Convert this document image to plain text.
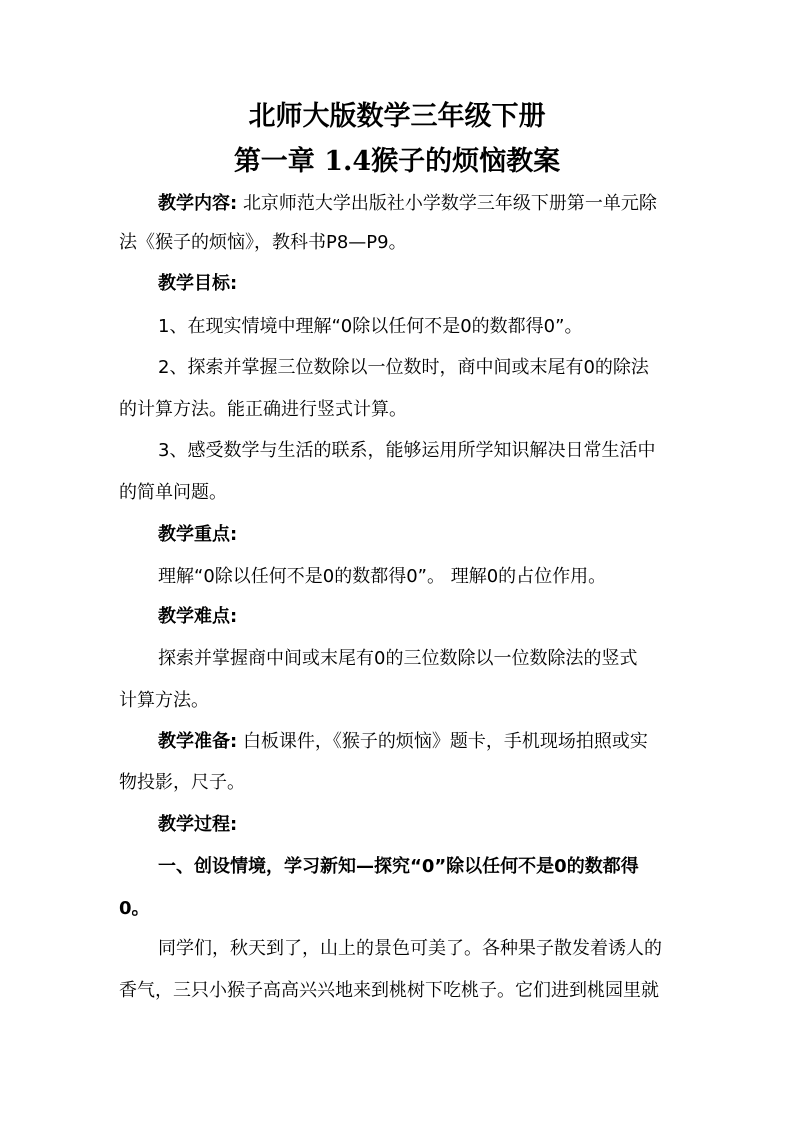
北师大版数学三年级下册
第一章 1.4猴子的烦恼教案
教学内容: 北京师范大学出版社小学数学三年级下册第一单元除
法《猴子的烦恼》，教科书P8—P9。
教学目标:
1、在现实情境中理解“0除以任何不是0的数都得0”。
2、探索并掌握三位数除以一位数时，商中间或末尾有0的除法
的计算方法。能正确进行竖式计算。
3、感受数学与生活的联系，能够运用所学知识解决日常生活中
的简单问题。
教学重点:
理解“0除以任何不是0的数都得0”。 理解0的占位作用。
教学难点:
探索并掌握商中间或末尾有0的三位数除以一位数除法的竖式
计算方法。
教学准备: 白板课件，《猴子的烦恼》题卡，手机现场拍照或实
物投影，尺子。
教学过程:
一、创设情境，学习新知—探究“0”除以任何不是0的数都得
0。
同学们，秋天到了，山上的景色可美了。各种果子散发着诱人的
香气，三只小猴子高高兴兴地来到桃树下吃桃子。它们进到桃园里就
